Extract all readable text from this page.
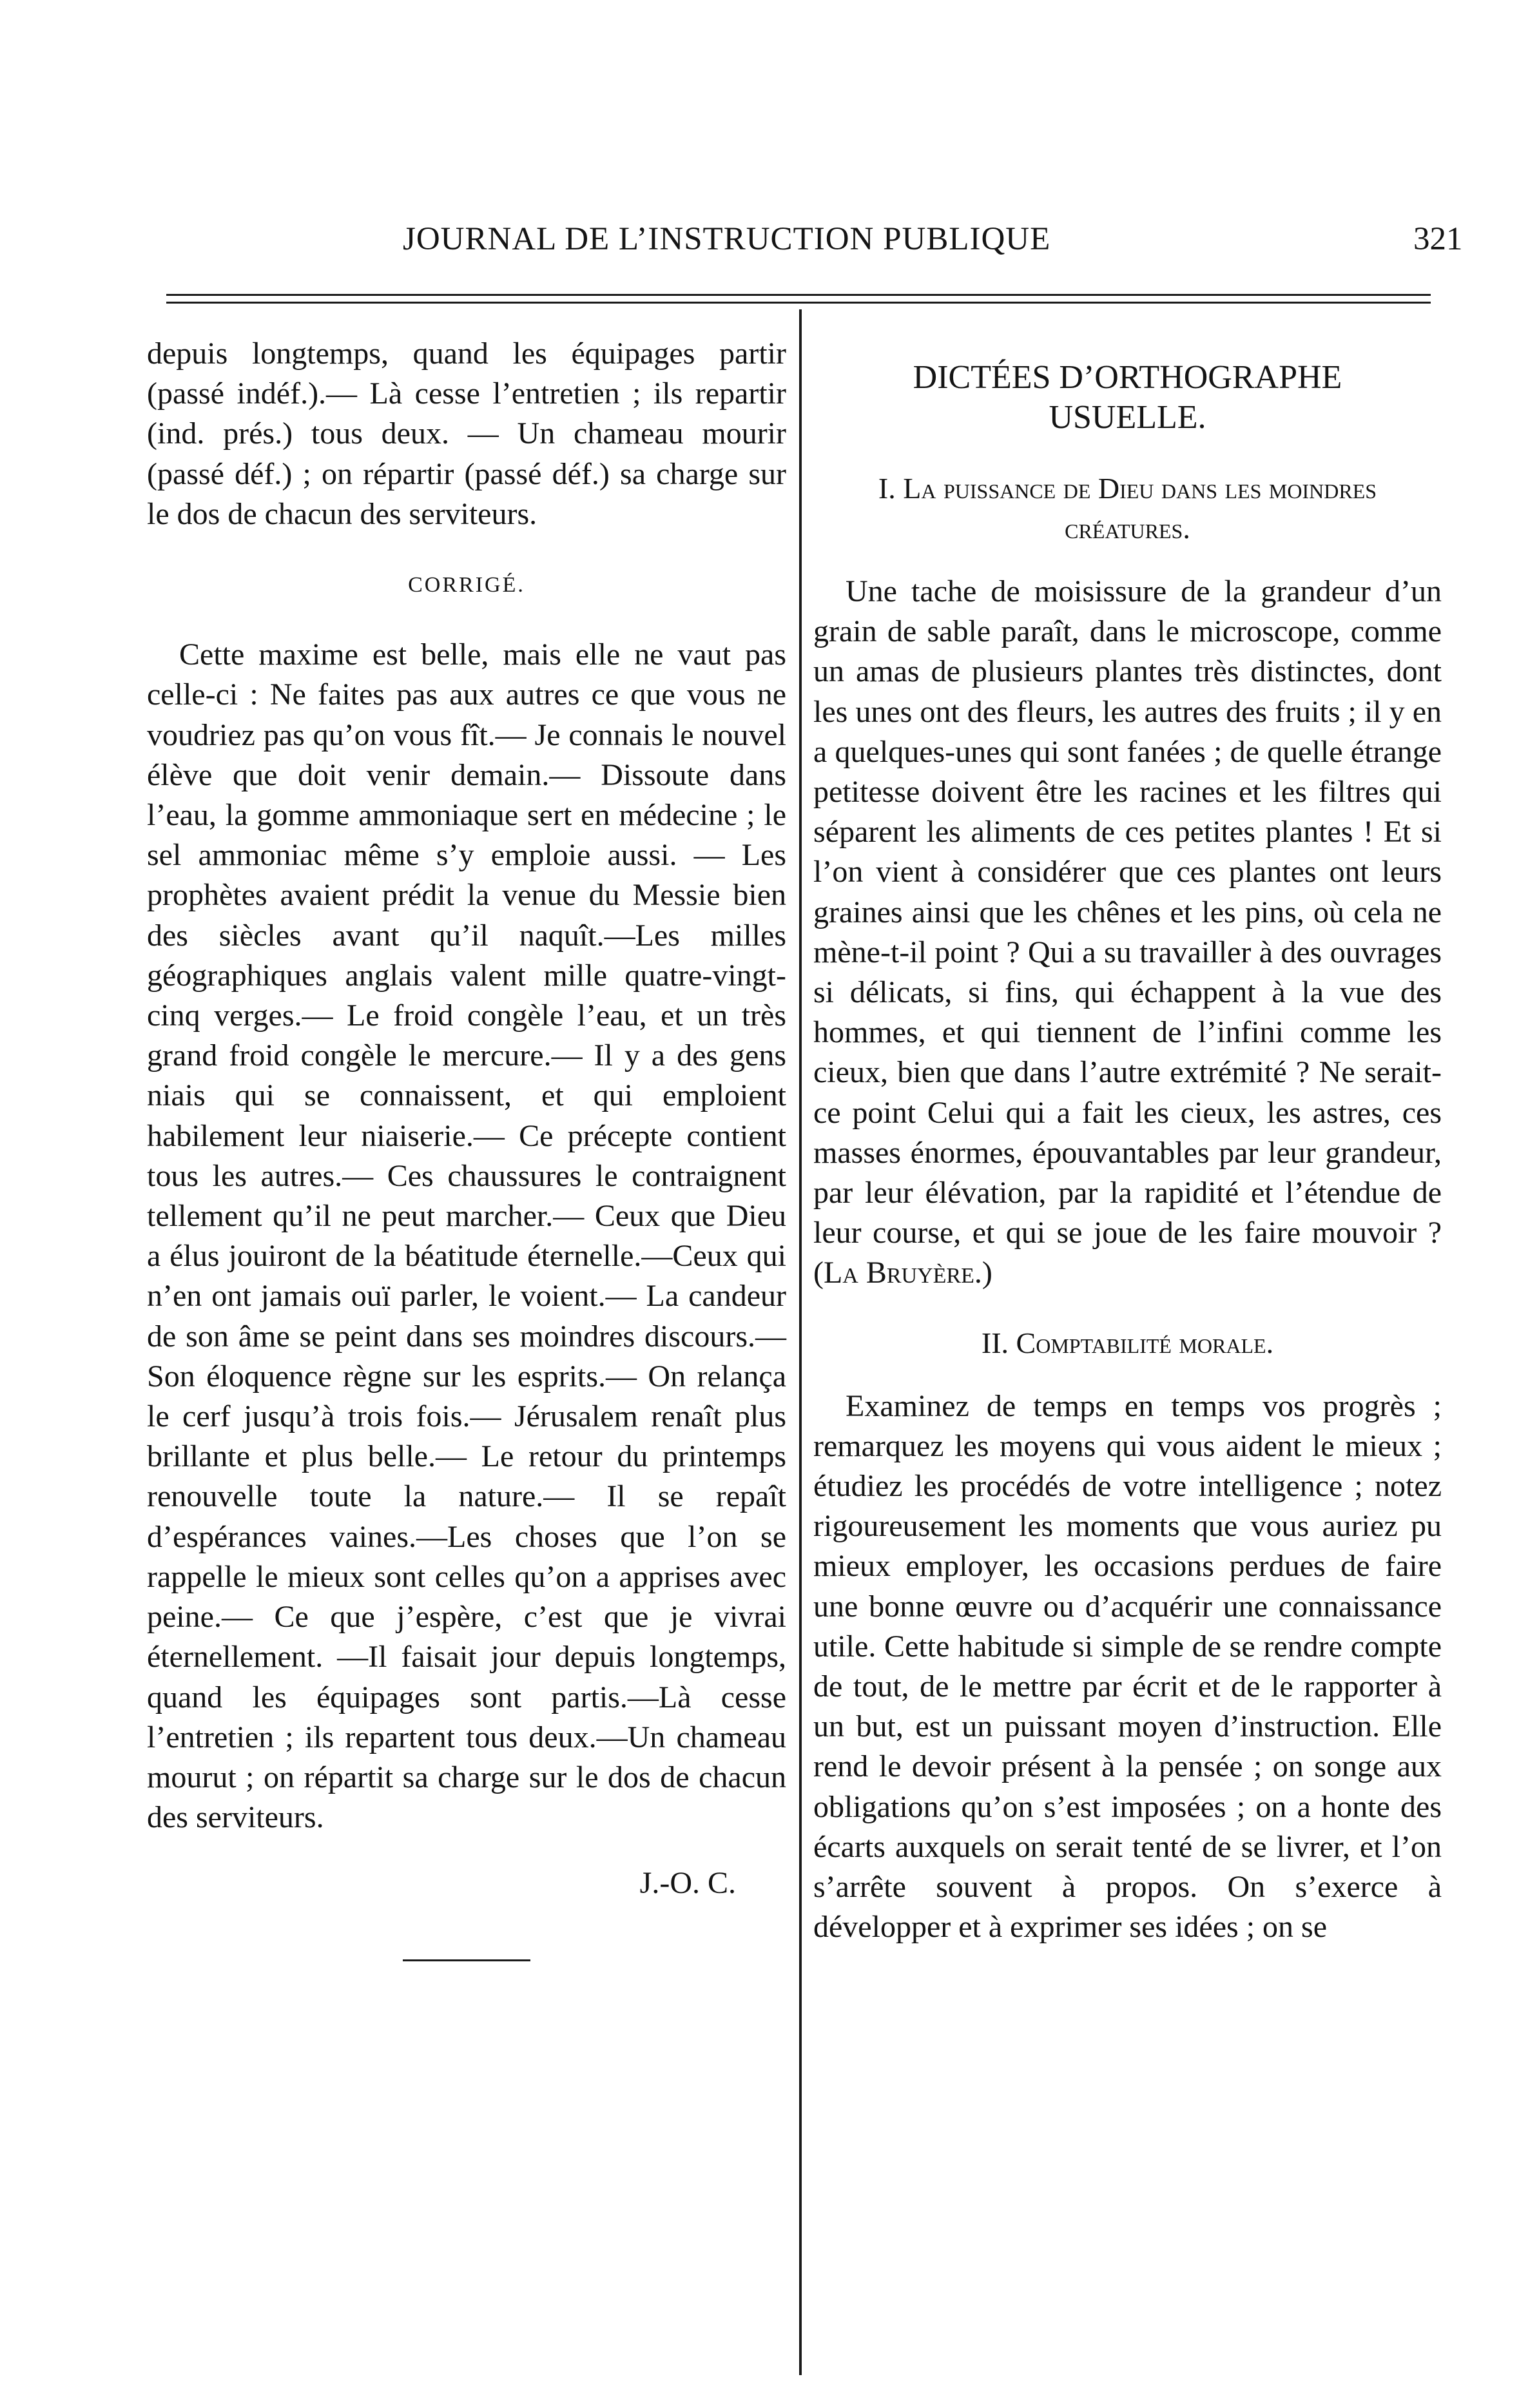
JOURNAL DE L’INSTRUCTION PUBLIQUE	321

depuis longtemps, quand les équipages partir (passé indéf.).— Là cesse l’entretien ; ils repartir (ind. prés.) tous deux. — Un chameau mourir (passé déf.) ; on répartir (passé déf.) sa charge sur le dos de chacun des serviteurs.

CORRIGÉ.

Cette maxime est belle, mais elle ne vaut pas celle-ci : Ne faites pas aux autres ce que vous ne voudriez pas qu’on vous fît.— Je connais le nouvel élève que doit venir demain.— Dissoute dans l’eau, la gomme ammoniaque sert en médecine ; le sel ammoniac même s’y emploie aussi. — Les prophètes avaient prédit la venue du Messie bien des siècles avant qu’il naquît.—Les milles géographiques anglais valent mille quatre-vingt-cinq verges.— Le froid congèle l’eau, et un très grand froid congèle le mercure.— Il y a des gens niais qui se connaissent, et qui emploient habilement leur niaiserie.— Ce précepte contient tous les autres.— Ces chaussures le contraignent tellement qu’il ne peut marcher.— Ceux que Dieu a élus jouiront de la béatitude éternelle.—Ceux qui n’en ont jamais ouï parler, le voient.— La candeur de son âme se peint dans ses moindres discours.—Son éloquence règne sur les esprits.— On relança le cerf jusqu’à trois fois.— Jérusalem renaît plus brillante et plus belle.— Le retour du printemps renouvelle toute la nature.— Il se repaît d’espérances vaines.—Les choses que l’on se rappelle le mieux sont celles qu’on a apprises avec peine.— Ce que j’espère, c’est que je vivrai éternellement. —Il faisait jour depuis longtemps, quand les équipages sont partis.—Là cesse l’entretien ; ils repartent tous deux.—Un chameau mourut ; on répartit sa charge sur le dos de chacun des serviteurs.

J.-O. C.

DICTÉES D’ORTHOGRAPHE
USUELLE.

I. La puissance de Dieu dans les moindres créatures.

Une tache de moisissure de la grandeur d’un grain de sable paraît, dans le microscope, comme un amas de plusieurs plantes très distinctes, dont les unes ont des fleurs, les autres des fruits ; il y en a quelques-unes qui sont fanées ; de quelle étrange petitesse doivent être les racines et les filtres qui séparent les aliments de ces petites plantes ! Et si l’on vient à considérer que ces plantes ont leurs graines ainsi que les chênes et les pins, où cela ne mène-t-il point ? Qui a su travailler à des ouvrages si délicats, si fins, qui échappent à la vue des hommes, et qui tiennent de l’infini comme les cieux, bien que dans l’autre extrémité ? Ne serait-ce point Celui qui a fait les cieux, les astres, ces masses énormes, épouvantables par leur grandeur, par leur élévation, par la rapidité et l’étendue de leur course, et qui se joue de les faire mouvoir ? (La Bruyère.)

II. Comptabilité morale.

Examinez de temps en temps vos progrès ; remarquez les moyens qui vous aident le mieux ; étudiez les procédés de votre intelligence ; notez rigoureusement les moments que vous auriez pu mieux employer, les occasions perdues de faire une bonne œuvre ou d’acquérir une connaissance utile. Cette habitude si simple de se rendre compte de tout, de le mettre par écrit et de le rapporter à un but, est un puissant moyen d’instruction. Elle rend le devoir présent à la pensée ; on songe aux obligations qu’on s’est imposées ; on a honte des écarts auxquels on serait tenté de se livrer, et l’on s’arrête souvent à propos. On s’exerce à développer et à exprimer ses idées ; on se
